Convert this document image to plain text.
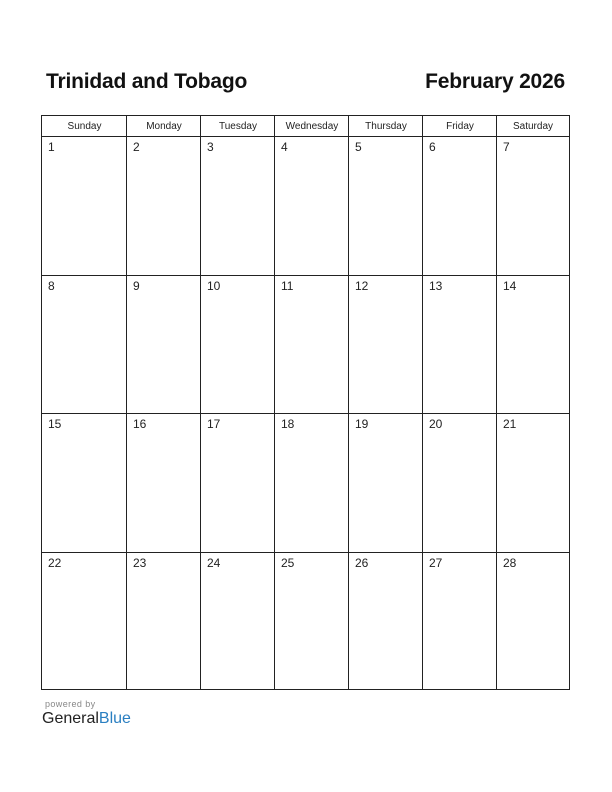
Trinidad and Tobago	February 2026
Sunday	Monday	Tuesday	Wednesday	Thursday	Friday	Saturday
1	2	3	4	5	6	7
8	9	10	11	12	13	14
15	16	17	18	19	20	21
22	23	24	25	26	27	28
powered by
GeneralBlue
